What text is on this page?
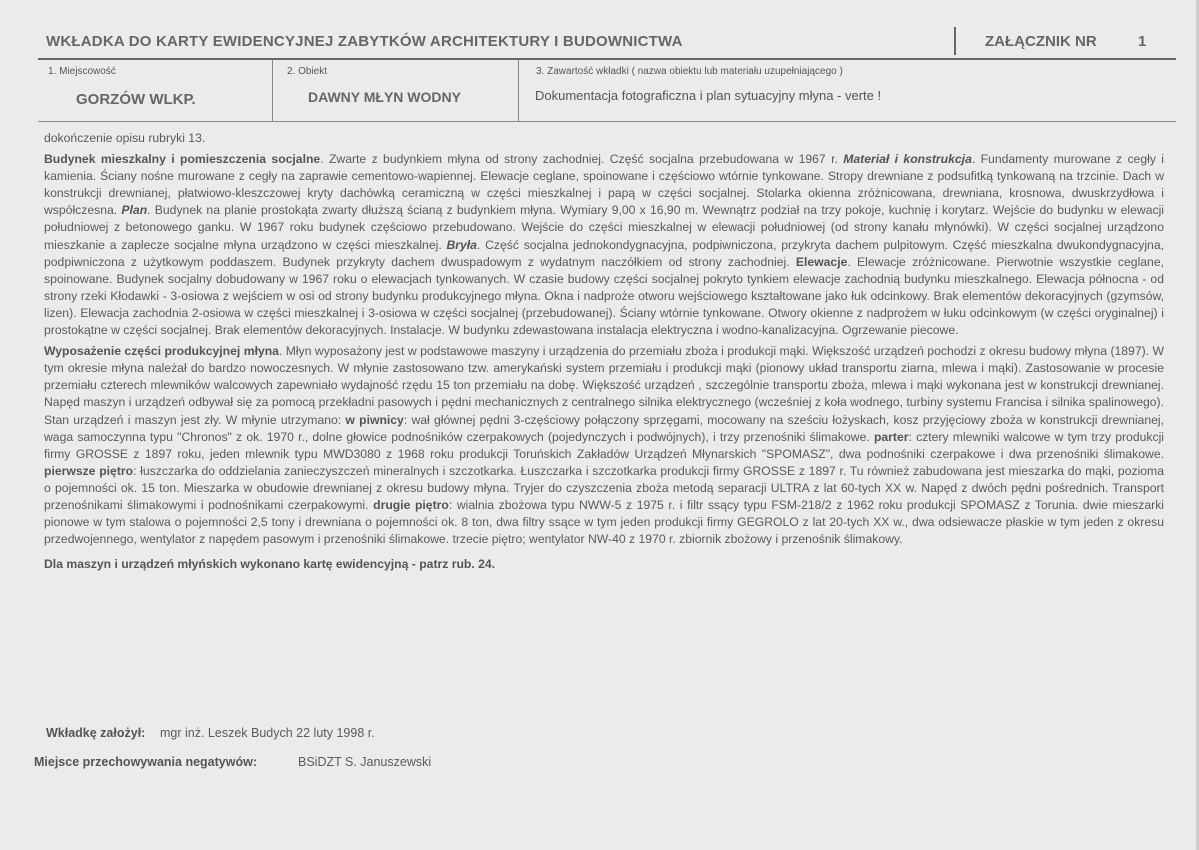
WKŁADKA DO KARTY EWIDENCYJNEJ ZABYTKÓW ARCHITEKTURY I BUDOWNICTWA	ZAŁĄCZNIK NR	1
1. Miejscowość
GORZÓW WLKP.
2. Obiekt
DAWNY MŁYN WODNY
3. Zawartość wkładki ( nazwa obiektu lub materiału uzupełniającego )
Dokumentacja fotograficzna i plan sytuacyjny młyna - verte !

dokończenie opisu rubryki 13.

Budynek mieszkalny i pomieszczenia socjalne. Zwarte z budynkiem młyna od strony zachodniej. Część socjalna przebudowana w 1967 r. Materiał i konstrukcja. Fundamenty murowane z cegły i kamienia. Ściany nośne murowane z cegły na zaprawie cementowo-wapiennej. Elewacje ceglane, spoinowane i częściowo wtórnie tynkowane. Stropy drewniane z podsufitką tynkowaną na trzcinie. Dach w konstrukcji drewnianej, płatwiowo-kleszczowej kryty dachówką ceramiczną w części mieszkalnej i papą w części socjalnej. Stolarka okienna zróżnicowana, drewniana, krosnowa, dwuskrzydłowa i współczesna. Plan. Budynek na planie prostokąta zwarty dłuższą ścianą z budynkiem młyna. Wymiary 9,00 x 16,90 m. Wewnątrz podział na trzy pokoje, kuchnię i korytarz. Wejście do budynku w elewacji południowej z betonowego ganku. W 1967 roku budynek częściowo przebudowano. Wejście do części mieszkalnej w elewacji południowej (od strony kanału młynówki). W części socjalnej urządzono mieszkanie a zaplecze socjalne młyna urządzono w części mieszkalnej. Bryła. Część socjalna jednokondygnacyjna, podpiwniczona, przykryta dachem pulpitowym. Część mieszkalna dwukondygnacyjna, podpiwniczona z użytkowym poddaszem. Budynek przykryty dachem dwuspadowym z wydatnym naczółkiem od strony zachodniej. Elewacje. Elewacje zróżnicowane. Pierwotnie wszystkie ceglane, spoinowane. Budynek socjalny dobudowany w 1967 roku o elewacjach tynkowanych. W czasie budowy części socjalnej pokryto tynkiem elewacje zachodnią budynku mieszkalnego. Elewacja północna - od strony rzeki Kłodawki - 3-osiowa z wejściem w osi od strony budynku produkcyjnego młyna. Okna i nadproże otworu wejściowego kształtowane jako łuk odcinkowy. Brak elementów dekoracyjnych (gzymsów, lizen). Elewacja zachodnia 2-osiowa w części mieszkalnej i 3-osiowa w części socjalnej (przebudowanej). Ściany wtórnie tynkowane. Otwory okienne z nadprożem w łuku odcinkowym (w części oryginalnej) i prostokątne w części socjalnej. Brak elementów dekoracyjnych. Instalacje. W budynku zdewastowana instalacja elektryczna i wodno-kanalizacyjna. Ogrzewanie piecowe.

Wyposażenie części produkcyjnej młyna. Młyn wyposażony jest w podstawowe maszyny i urządzenia do przemiału zboża i produkcji mąki. Większość urządzeń pochodzi z okresu budowy młyna (1897). W tym okresie młyna należał do bardzo nowoczesnych. W młynie zastosowano tzw. amerykański system przemiału i produkcji mąki (pionowy układ transportu ziarna, mlewa i mąki). Zastosowanie w procesie przemiału czterech mlewników walcowych zapewniało wydajność rzędu 15 ton przemiału na dobę. Większość urządzeń , szczególnie transportu zboża, mlewa i mąki wykonana jest w konstrukcji drewnianej. Napęd maszyn i urządzeń odbywał się za pomocą przekładni pasowych i pędni mechanicznych z centralnego silnika elektrycznego (wcześniej z koła wodnego, turbiny systemu Francisa i silnika spalinowego). Stan urządzeń i maszyn jest zły. W młynie utrzymano: w piwnicy: wał głównej pędni 3-częściowy połączony sprzęgami, mocowany na sześciu łożyskach, kosz przyjęciowy zboża w konstrukcji drewnianej, waga samoczynna typu "Chronos" z ok. 1970 r., dolne głowice podnośników czerpakowych (pojedynczych i podwójnych), i trzy przenośniki ślimakowe. parter: cztery mlewniki walcowe w tym trzy produkcji firmy GROSSE z 1897 roku, jeden mlewnik typu MWD3080 z 1968 roku produkcji Toruńskich Zakładów Urządzeń Młynarskich "SPOMASZ", dwa podnośniki czerpakowe i dwa przenośniki ślimakowe. pierwsze piętro: łuszczarka do oddzielania zanieczyszczeń mineralnych i szczotkarka. Łuszczarka i szczotkarka produkcji firmy GROSSE z 1897 r. Tu również zabudowana jest mieszarka do mąki, pozioma o pojemności ok. 15 ton. Mieszarka w obudowie drewnianej z okresu budowy młyna. Tryjer do czyszczenia zboża metodą separacji ULTRA z lat 60-tych XX w. Napęd z dwóch pędni pośrednich. Transport przenośnikami ślimakowymi i podnośnikami czerpakowymi. drugie piętro: wialnia zbożowa typu NWW-5 z 1975 r. i filtr ssący typu FSM-218/2 z 1962 roku produkcji SPOMASZ z Torunia. dwie mieszarki pionowe w tym stalowa o pojemności 2,5 tony i drewniana o pojemności ok. 8 ton, dwa filtry ssące w tym jeden produkcji firmy GEGROLO z lat 20-tych XX w., dwa odsiewacze płaskie w tym jeden z okresu przedwojennego, wentylator z napędem pasowym i przenośniki ślimakowe. trzecie piętro; wentylator NW-40 z 1970 r. zbiornik zbożowy i przenośnik ślimakowy.

Dla maszyn i urządzeń młyńskich wykonano kartę ewidencyjną - patrz rub. 24.

Wkładkę założył: mgr inż. Leszek Budych 22 luty 1998 r.
Miejsce przechowywania negatywów:	BSiDZT S. Januszewski
